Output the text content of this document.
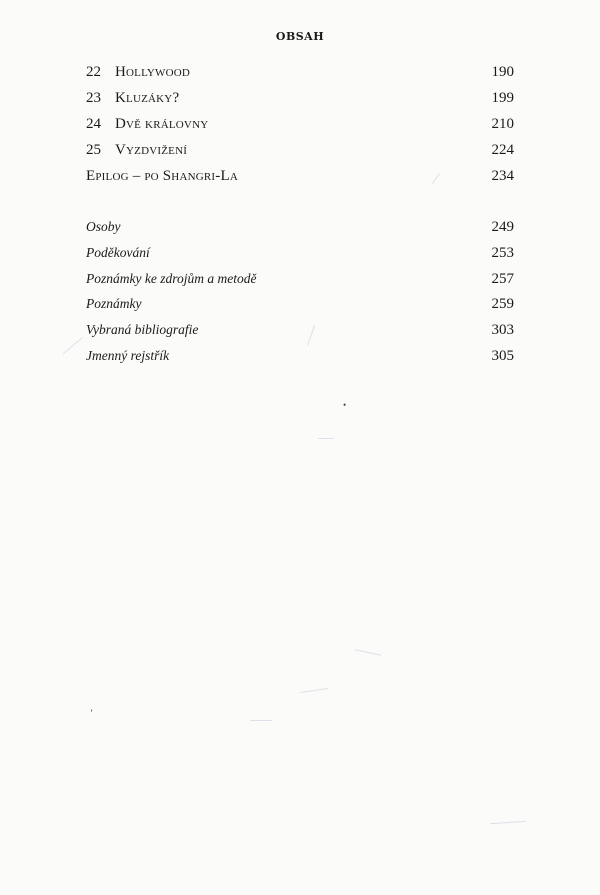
OBSAH
22 Hollywood	190
23 Kluzáky?	199
24 Dvě královny	210
25 Vyzdvižení	224
Epilog – po Shangri-La	234
Osoby	249
Poděkování	253
Poznámky ke zdrojům a metodě	257
Poznámky	259
Vybraná bibliografie	303
Jmenný rejstřík	305
•
ʼ
